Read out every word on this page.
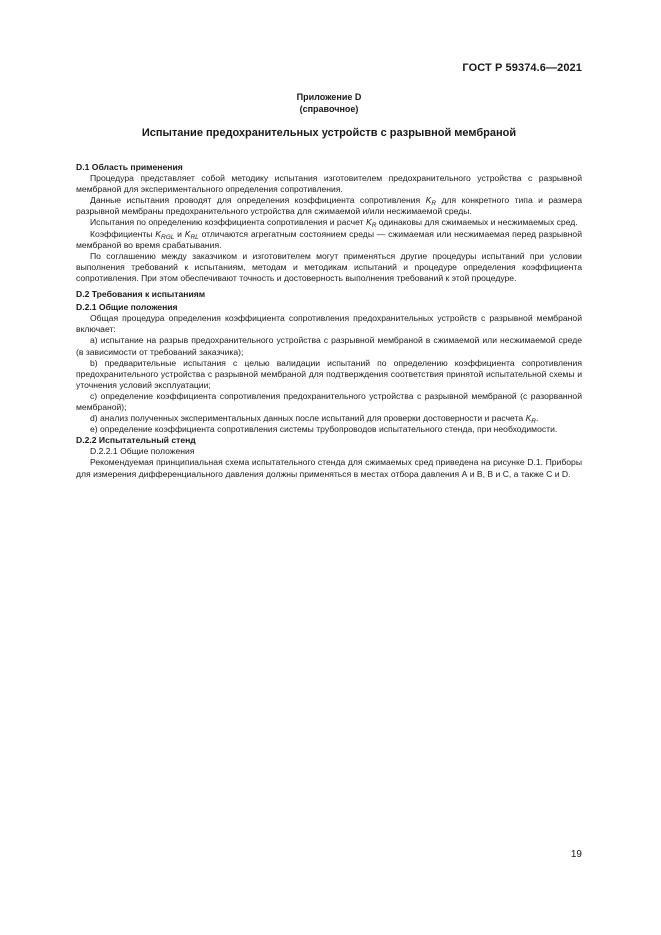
ГОСТ Р 59374.6—2021
Приложение D
(справочное)
Испытание предохранительных устройств с разрывной мембраной
D.1 Область применения

Процедура представляет собой методику испытания изготовителем предохранительного устройства с разрывной мембраной для экспериментального определения сопротивления.

Данные испытания проводят для определения коэффициента сопротивления $K_R$ для конкретного типа и размера разрывной мембраны предохранительного устройства для сжимаемой и/или несжимаемой среды.

Испытания по определению коэффициента сопротивления и расчет $K_R$ одинаковы для сжимаемых и несжимаемых сред.

Коэффициенты $K_{RGL}$ и $K_{RL}$ отличаются агрегатным состоянием среды — сжимаемая или несжимаемая перед разрывной мембраной во время срабатывания.

По соглашению между заказчиком и изготовителем могут применяться другие процедуры испытаний при условии выполнения требований к испытаниям, методам и методикам испытаний и процедуре определения коэффициента сопротивления. При этом обеспечивают точность и достоверность выполнения требований к этой процедуре.

D.2 Требования к испытаниям
D.2.1 Общие положения

Общая процедура определения коэффициента сопротивления предохранительных устройств с разрывной мембраной включает:

а) испытание на разрыв предохранительного устройства с разрывной мембраной в сжимаемой или несжимаемой среде (в зависимости от требований заказчика);

b) предварительные испытания с целью валидации испытаний по определению коэффициента сопротивления предохранительного устройства с разрывной мембраной для подтверждения соответствия принятой испытательной схемы и уточнения условий эксплуатации;

c) определение коэффициента сопротивления предохранительного устройства с разрывной мембраной (с разорванной мембраной);

d) анализ полученных экспериментальных данных после испытаний для проверки достоверности и расчета $K_R$.

e) определение коэффициента сопротивления системы трубопроводов испытательного стенда, при необходимости.

D.2.2 Испытательный стенд

D.2.2.1 Общие положения

Рекомендуемая принципиальная схема испытательного стенда для сжимаемых сред приведена на рисунке D.1. Приборы для измерения дифференциального давления должны применяться в местах отбора давления А и В, В и С, а также С и D.

19
